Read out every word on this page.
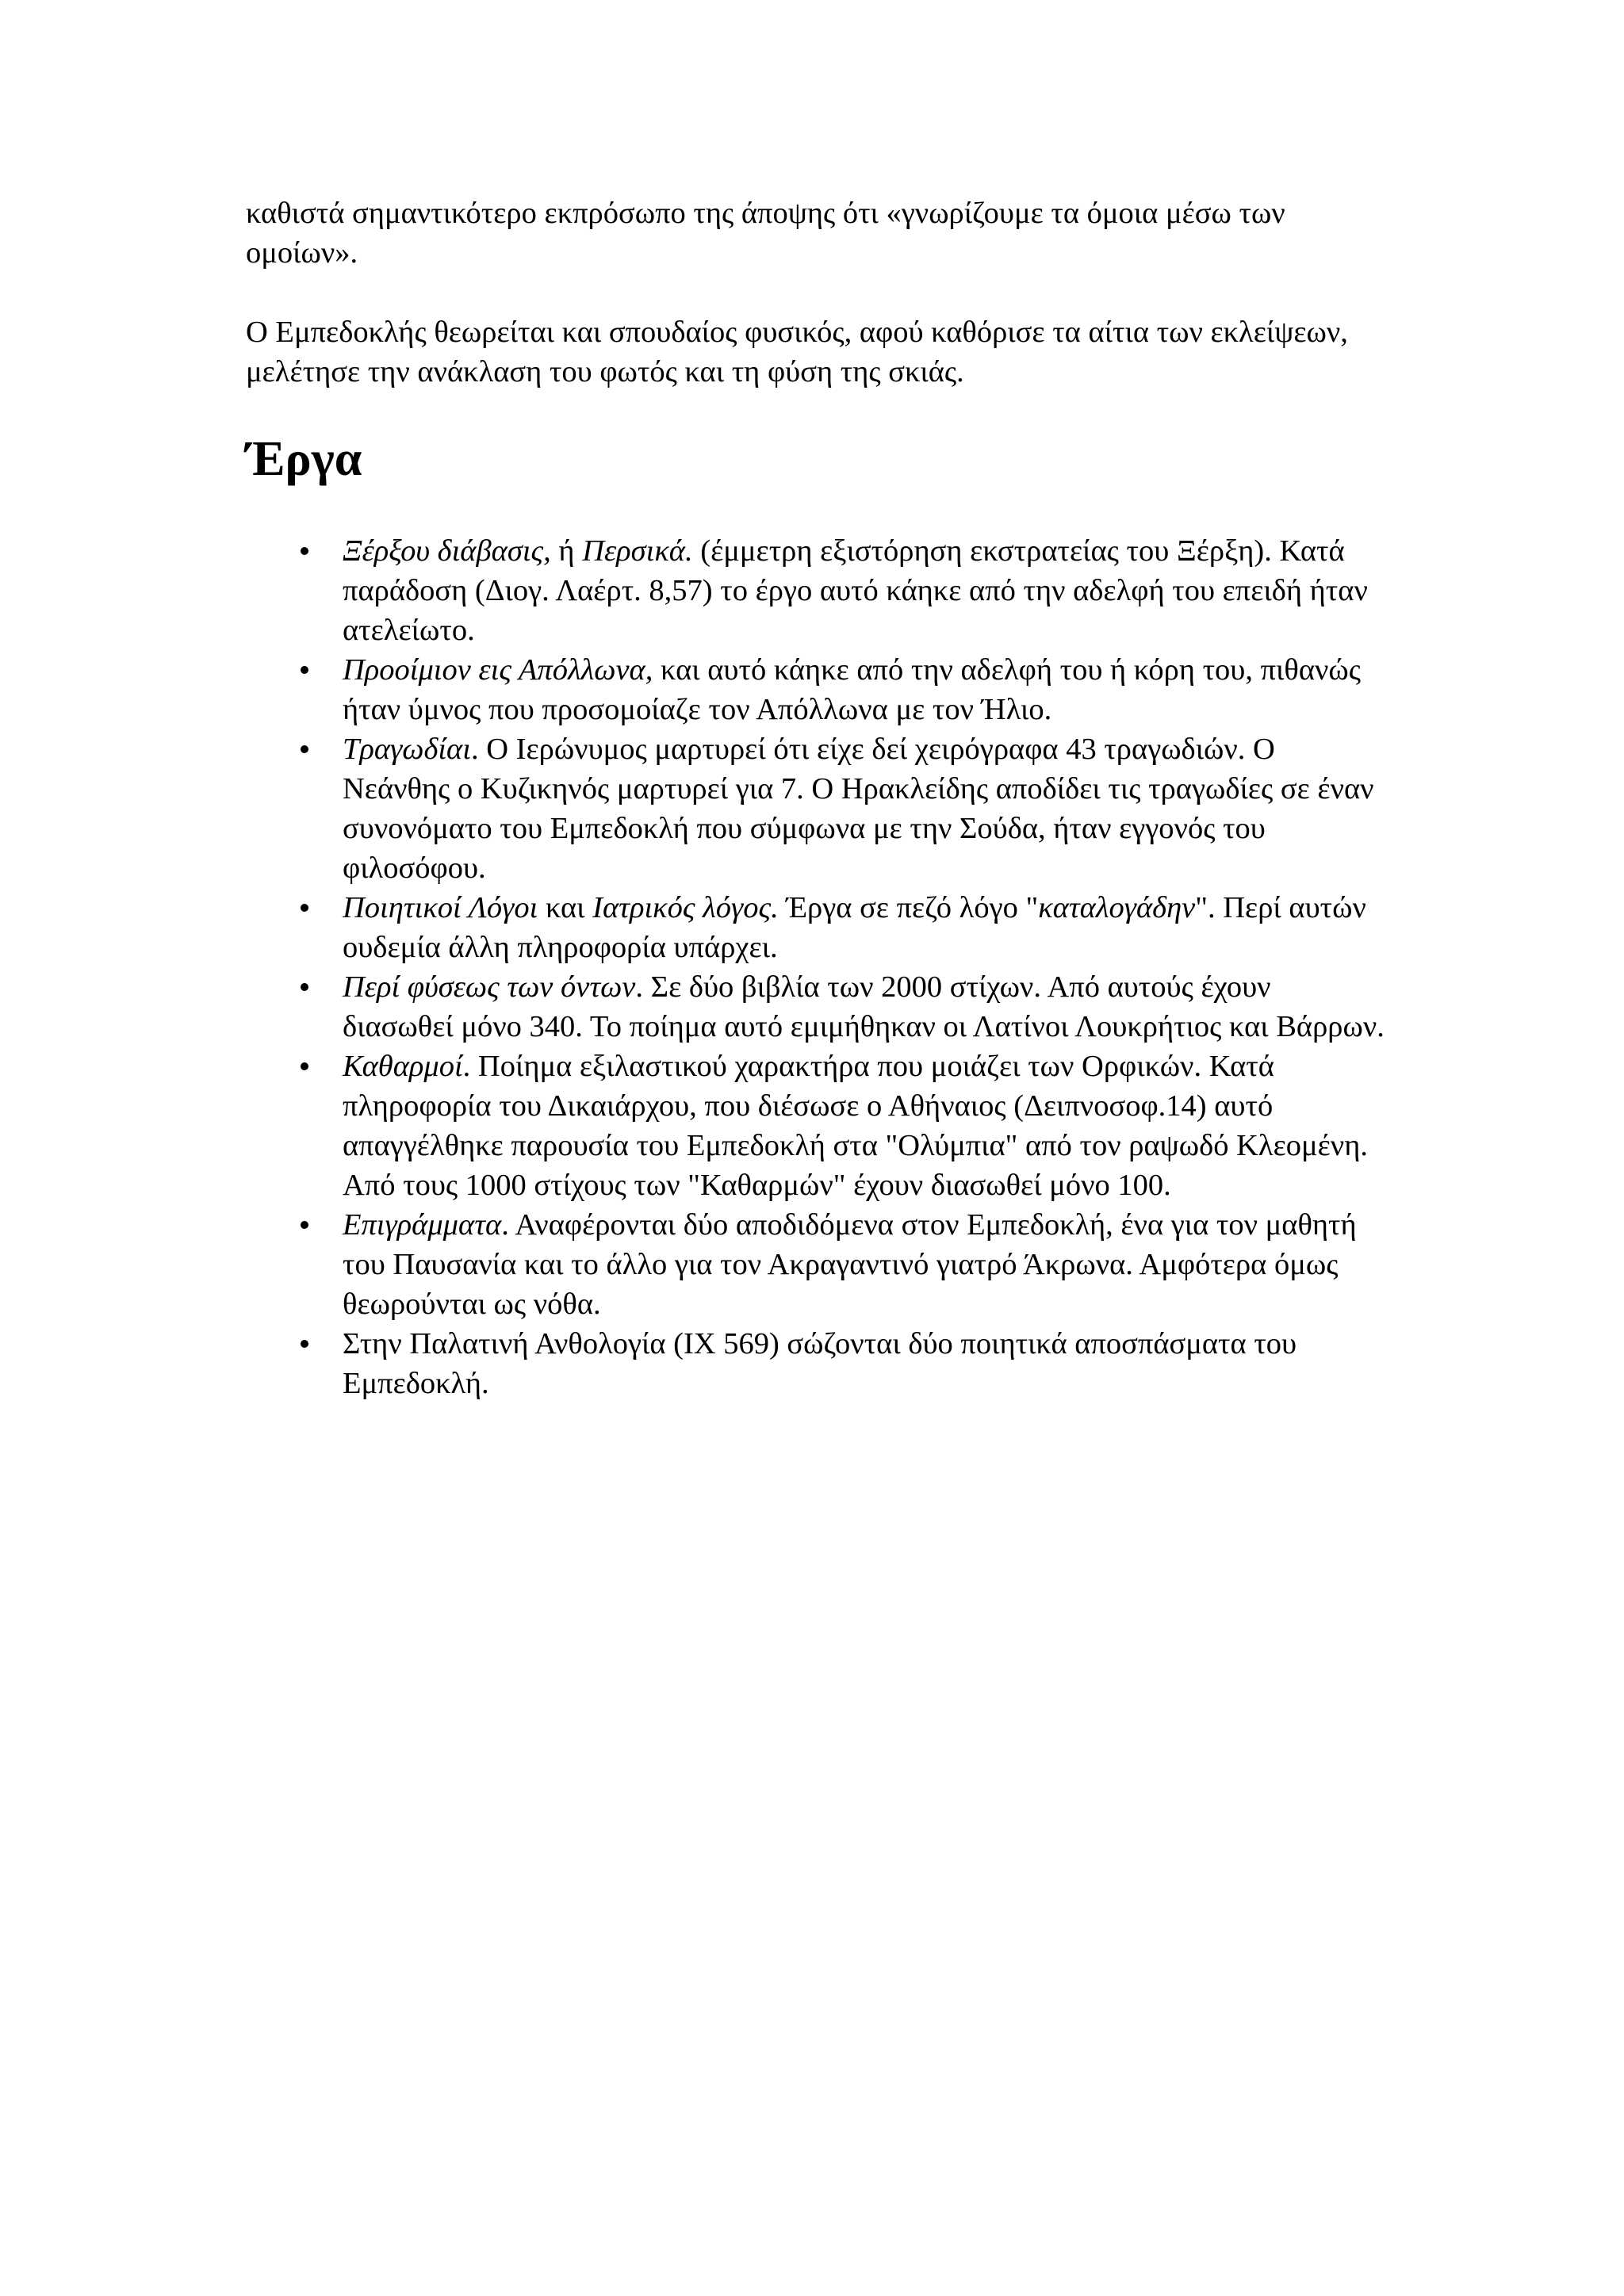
καθιστά σημαντικότερο εκπρόσωπο της άποψης ότι «γνωρίζουμε τα όμοια μέσω των ομοίων».

Ο Εμπεδοκλής θεωρείται και σπουδαίος φυσικός, αφού καθόρισε τα αίτια των εκλείψεων, μελέτησε την ανάκλαση του φωτός και τη φύση της σκιάς.

Έργα
Ξέρξου διάβασις, ή Περσικά. (έμμετρη εξιστόρηση εκστρατείας του Ξέρξη). Κατά παράδοση (Διογ. Λαέρτ. 8,57) το έργο αυτό κάηκε από την αδελφή του επειδή ήταν ατελείωτο.
Προοίμιον εις Απόλλωνα, και αυτό κάηκε από την αδελφή του ή κόρη του, πιθανώς ήταν ύμνος που προσομοίαζε τον Απόλλωνα με τον Ήλιο.
Τραγωδίαι. Ο Ιερώνυμος μαρτυρεί ότι είχε δεί χειρόγραφα 43 τραγωδιών. Ο Νεάνθης ο Κυζικηνός μαρτυρεί για 7. Ο Ηρακλείδης αποδίδει τις τραγωδίες σε έναν συνονόματο του Εμπεδοκλή που σύμφωνα με την Σούδα, ήταν εγγονός του φιλοσόφου.
Ποιητικοί Λόγοι και Ιατρικός λόγος. Έργα σε πεζό λόγο "καταλογάδην". Περί αυτών ουδεμία άλλη πληροφορία υπάρχει.
Περί φύσεως των όντων. Σε δύο βιβλία των 2000 στίχων. Από αυτούς έχουν διασωθεί μόνο 340. Το ποίημα αυτό εμιμήθηκαν οι Λατίνοι Λουκρήτιος και Βάρρων.
Καθαρμοί. Ποίημα εξιλαστικού χαρακτήρα που μοιάζει των Ορφικών. Κατά πληροφορία του Δικαιάρχου, που διέσωσε ο Αθήναιος (Δειπνοσοφ.14) αυτό απαγγέλθηκε παρουσία του Εμπεδοκλή στα "Ολύμπια" από τον ραψωδό Κλεομένη. Από τους 1000 στίχους των "Καθαρμών" έχουν διασωθεί μόνο 100.
Επιγράμματα. Αναφέρονται δύο αποδιδόμενα στον Εμπεδοκλή, ένα για τον μαθητή του Παυσανία και το άλλο για τον Ακραγαντινό γιατρό Άκρωνα. Αμφότερα όμως θεωρούνται ως νόθα.
Στην Παλατινή Ανθολογία (IX 569) σώζονται δύο ποιητικά αποσπάσματα του Εμπεδοκλή.
